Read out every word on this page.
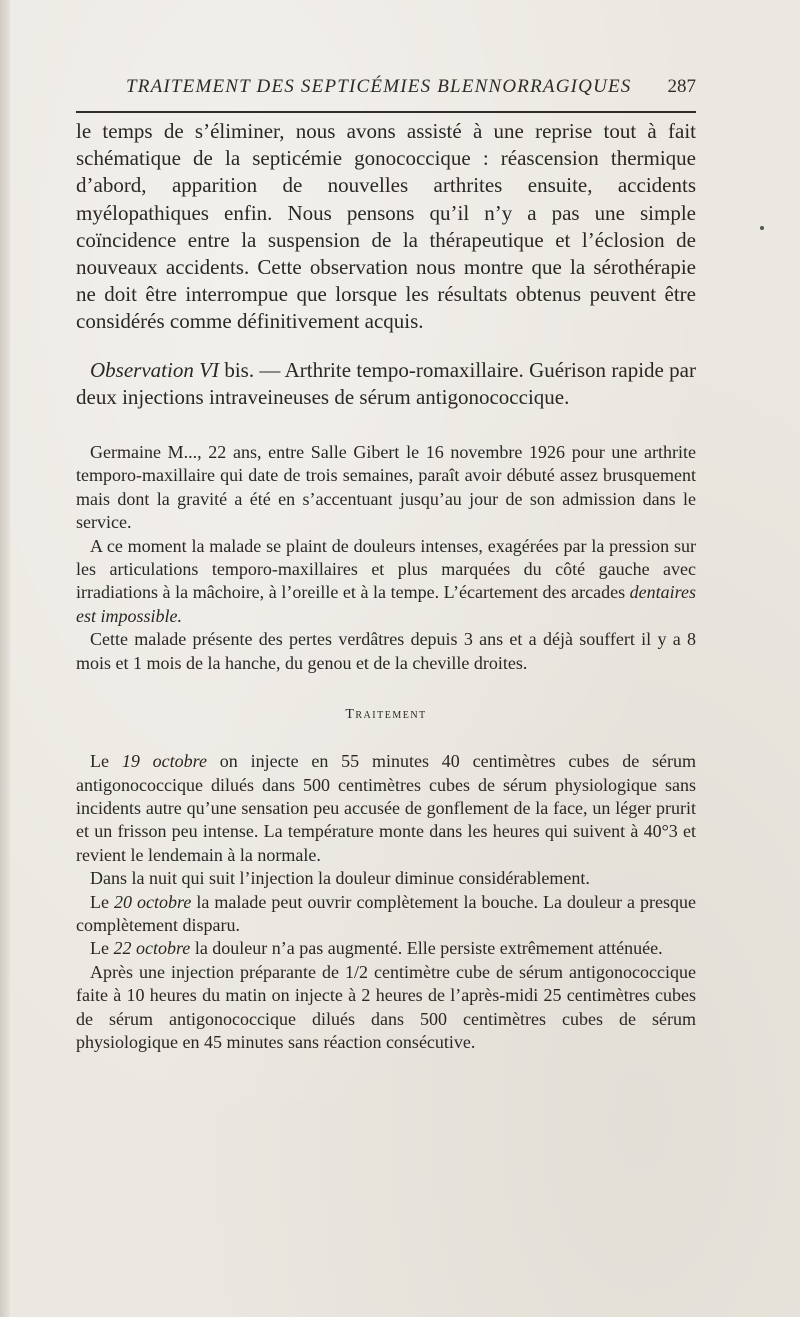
TRAITEMENT DES SEPTICÉMIES BLENNORRAGIQUES 287

le temps de s’éliminer, nous avons assisté à une reprise tout à fait schématique de la septicémie gonococcique : réascension thermique d’abord, apparition de nouvelles arthrites ensuite, accidents myélopathiques enfin. Nous pensons qu’il n’y a pas une simple coïncidence entre la suspension de la thérapeutique et l’éclosion de nouveaux accidents. Cette observation nous montre que la sérothérapie ne doit être interrompue que lorsque les résultats obtenus peuvent être considérés comme définitivement acquis.

Observation VI bis. — Arthrite tempo-romaxillaire. Guérison rapide par deux injections intraveineuses de sérum antigonococcique.

Germaine M..., 22 ans, entre Salle Gibert le 16 novembre 1926 pour une arthrite temporo-maxillaire qui date de trois semaines, paraît avoir débuté assez brusquement mais dont la gravité a été en s’accentuant jusqu’au jour de son admission dans le service.

A ce moment la malade se plaint de douleurs intenses, exagérées par la pression sur les articulations temporo-maxillaires et plus marquées du côté gauche avec irradiations à la mâchoire, à l’oreille et à la tempe. L’écartement des arcades dentaires est impossible.

Cette malade présente des pertes verdâtres depuis 3 ans et a déjà souffert il y a 8 mois et 1 mois de la hanche, du genou et de la cheville droites.

Traitement

Le 19 octobre on injecte en 55 minutes 40 centimètres cubes de sérum antigonococcique dilués dans 500 centimètres cubes de sérum physiologique sans incidents autre qu’une sensation peu accusée de gonflement de la face, un léger prurit et un frisson peu intense. La température monte dans les heures qui suivent à 40°3 et revient le lendemain à la normale.

Dans la nuit qui suit l’injection la douleur diminue considérablement.

Le 20 octobre la malade peut ouvrir complètement la bouche. La douleur a presque complètement disparu.

Le 22 octobre la douleur n’a pas augmenté. Elle persiste extrêmement atténuée.

Après une injection préparante de 1/2 centimètre cube de sérum antigonococcique faite à 10 heures du matin on injecte à 2 heures de l’après-midi 25 centimètres cubes de sérum antigonococcique dilués dans 500 centimètres cubes de sérum physiologique en 45 minutes sans réaction consécutive.
